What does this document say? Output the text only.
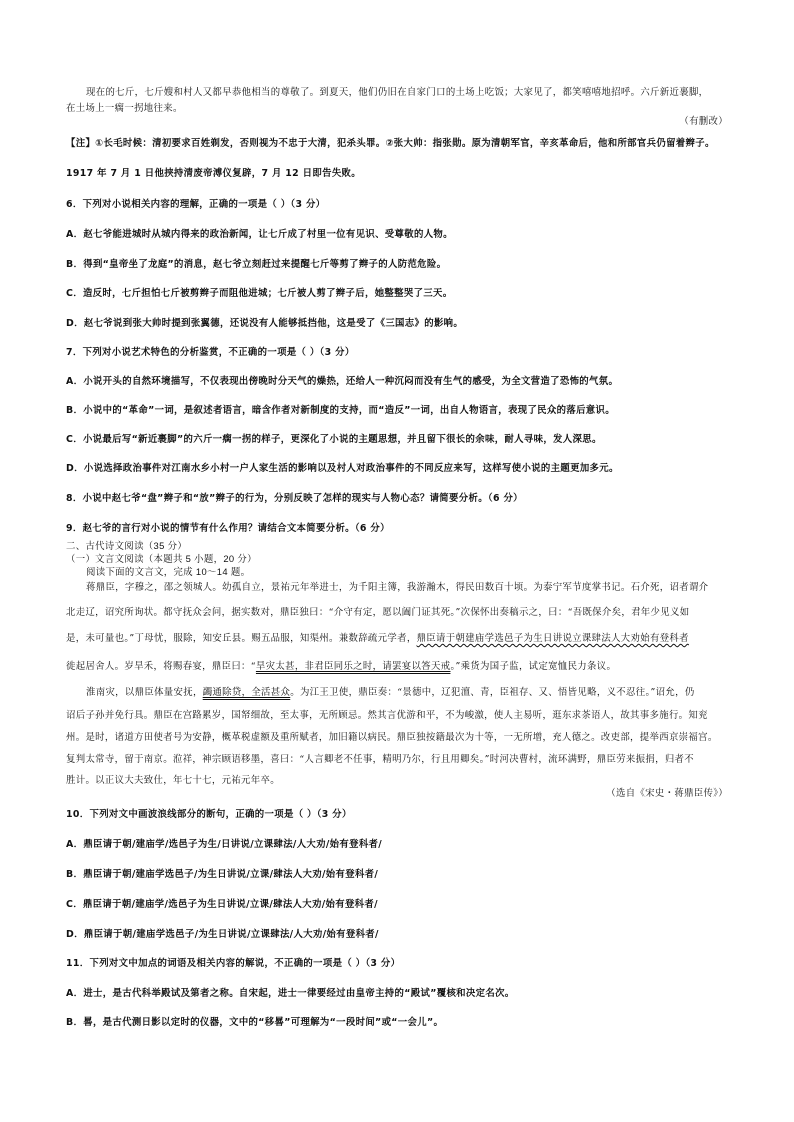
现在的七斤，七斤嫂和村人又都早恭他相当的尊敬了。到夏天，他们仍旧在自家门口的土场上吃饭；大家见了，都笑嘻嘻地招呼。六斤新近裹脚，
在土场上一瘸一拐地往来。
（有删改）
【注】①长毛时候：清初要求百姓剃发，否则视为不忠于大清，犯杀头罪。②张大帅：指张勋。原为清朝军官，辛亥革命后，他和所部官兵仍留着辫子。
1917 年 7 月 1 日他挟持清废帝溥仪复辟，7 月 12 日即告失败。
6．下列对小说相关内容的理解，正确的一项是（ ）（3 分）
A．赵七爷能进城时从城内得来的政治新闻，让七斤成了村里一位有见识、受尊敬的人物。
B．得到“皇帝坐了龙庭”的消息，赵七爷立刻赶过来提醒七斤等剪了辫子的人防范危险。
C．造反时，七斤担怕七斤被剪辫子而阻他进城；七斤被人剪了辫子后，她整整哭了三天。
D．赵七爷说到张大帅时提到张翼德，还说没有人能够抵挡他，这是受了《三国志》的影响。
7．下列对小说艺术特色的分析鉴赏，不正确的一项是（ ）（3 分）
A．小说开头的自然环境描写，不仅表现出傍晚时分天气的燥热，还给人一种沉闷而没有生气的感受，为全文营造了恐怖的气氛。
B．小说中的“革命”一词，是叙述者语言，暗含作者对新制度的支持，而“造反”一词，出自人物语言，表现了民众的落后意识。
C．小说最后写“新近裹脚”的六斤一瘸一拐的样子，更深化了小说的主题思想，并且留下很长的余味，耐人寻味，发人深思。
D．小说选择政治事件对江南水乡小村一户人家生活的影响以及村人对政治事件的不同反应来写，这样写使小说的主题更加多元。
8．小说中赵七爷“盘”辫子和“放”辫子的行为，分别反映了怎样的现实与人物心态？请简要分析。（6 分）
9．赵七爷的言行对小说的情节有什么作用？请结合文本简要分析。（6 分）
二、古代诗文阅读（35 分）
（一）文言文阅读（本题共 5 小题，20 分）
阅读下面的文言文，完成 10～14 题。
蒋鼎臣，字穆之，邵之领城人。幼孤自立，景祐元年举进士，为千阳主簿，我游瀚木，得民田数百十顷。为泰宁军节度掌书记。石介死，诏者谓介
北走辽，诏究所询状。都守抚众会问，据实数对，鼎臣独曰：“介守有定，愿以阖门证其死。”次保怀出奏稿示之，曰：“吾既保介矣，君年少见义如
是，未可量也。”丁母忧，服除，知安丘县。赐五品服，知渠州。兼数辞疏元学者，鼎臣请于朝建庙学选邑子为生日讲说立课肆法人大劝始有登科者
徙起居舍人。岁旱禾，将赐春宴，鼎臣曰：“旱灾太甚，非君臣同乐之时，请罢宴以答天戒。”乘货为国子监，试定宽恤民力条议。
淮南灾，以鼎臣体量安抚，蠲通除贷，全活甚众。为江王卫使，鼎臣奏：“景德中，辽犯澶、青，臣祖存、又、悟皆见略，义不忍往。”诏允，仍
诏后子孙并免行具。鼎臣在宫路累岁，国帑细故，至太事，无所顾忌。然其言优游和平，不为峻激，使人主易听，逛东求茶语人，故其事多施行。知兖
州。是时，诸道方田使者号为安静，概革税虚额及重所赋者，加旧籍以病民。鼎臣独按籍最次为十等，一无所增，充人德之。改吏部，提举西京崇福宫。
复判太常寺，留于南京。涖祥，神宗顾语移墨，喜曰：“人言卿老不任事，精明乃尔，行且用卿矣。”时河决曹村，流环满野，鼎臣劳来振捐，归者不
胜计。以正议大夫致仕，年七十七，元祐元年卒。
（选自《宋史・蒋鼎臣传》）
10．下列对文中画波浪线部分的断句，正确的一项是（ ）（3 分）
A．鼎臣请于朝/建庙学/选邑子为生/日讲说/立课肆法/人大劝/始有登科者/
B．鼎臣请于朝/建庙学选邑子/为生日讲说/立课/肆法人大劝/始有登科者/
C．鼎臣请于朝/建庙学/选邑子为生日讲说/立课/肆法人大劝/始有登科者/
D．鼎臣请于朝/建庙学选邑子/为生日讲说/立课肆法/人大劝/始有登科者/
11．下列对文中加点的词语及相关内容的解说，不正确的一项是（ ）（3 分）
A．进士，是古代科举殿试及第者之称。自宋起，进士一律要经过由皇帝主持的“殿试”覆核和决定名次。
B．晷，是古代测日影以定时的仪器，文中的“移晷”可理解为“一段时间”或“一会儿”。
